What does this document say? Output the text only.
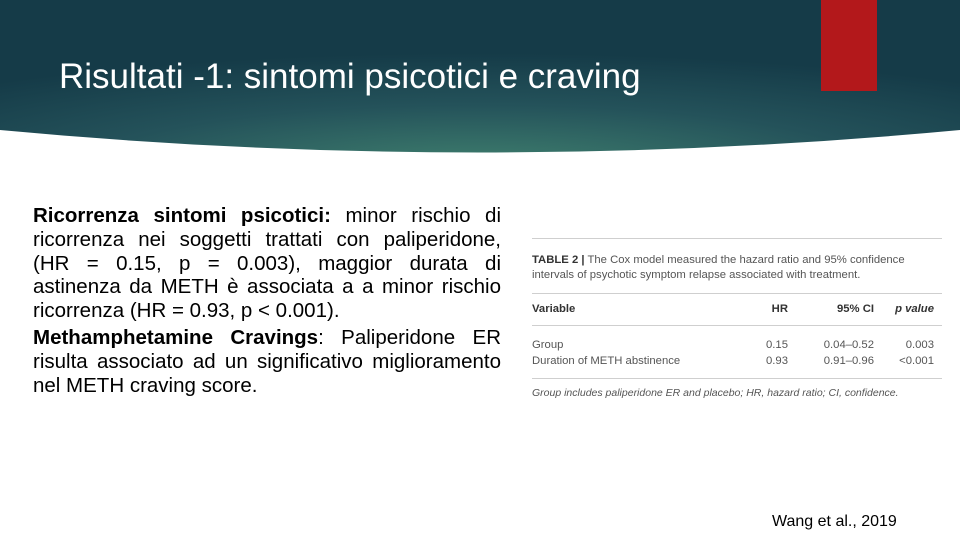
Risultati -1: sintomi psicotici e craving

Ricorrenza sintomi psicotici: minor rischio di ricorrenza nei soggetti trattati con paliperidone, (HR = 0.15, p = 0.003), maggior durata di astinenza da METH è associata a a minor rischio ricorrenza (HR = 0.93, p < 0.001).

Methamphetamine Cravings: Paliperidone ER risulta associato ad un significativo miglioramento nel METH craving score.

TABLE 2 | The Cox model measured the hazard ratio and 95% confidence intervals of psychotic symptom relapse associated with treatment.
Variable	HR	95% CI	p value
Group	0.15	0.04–0.52	0.003
Duration of METH abstinence	0.93	0.91–0.96	<0.001
Group includes paliperidone ER and placebo; HR, hazard ratio; CI, confidence.
Wang et al., 2019
